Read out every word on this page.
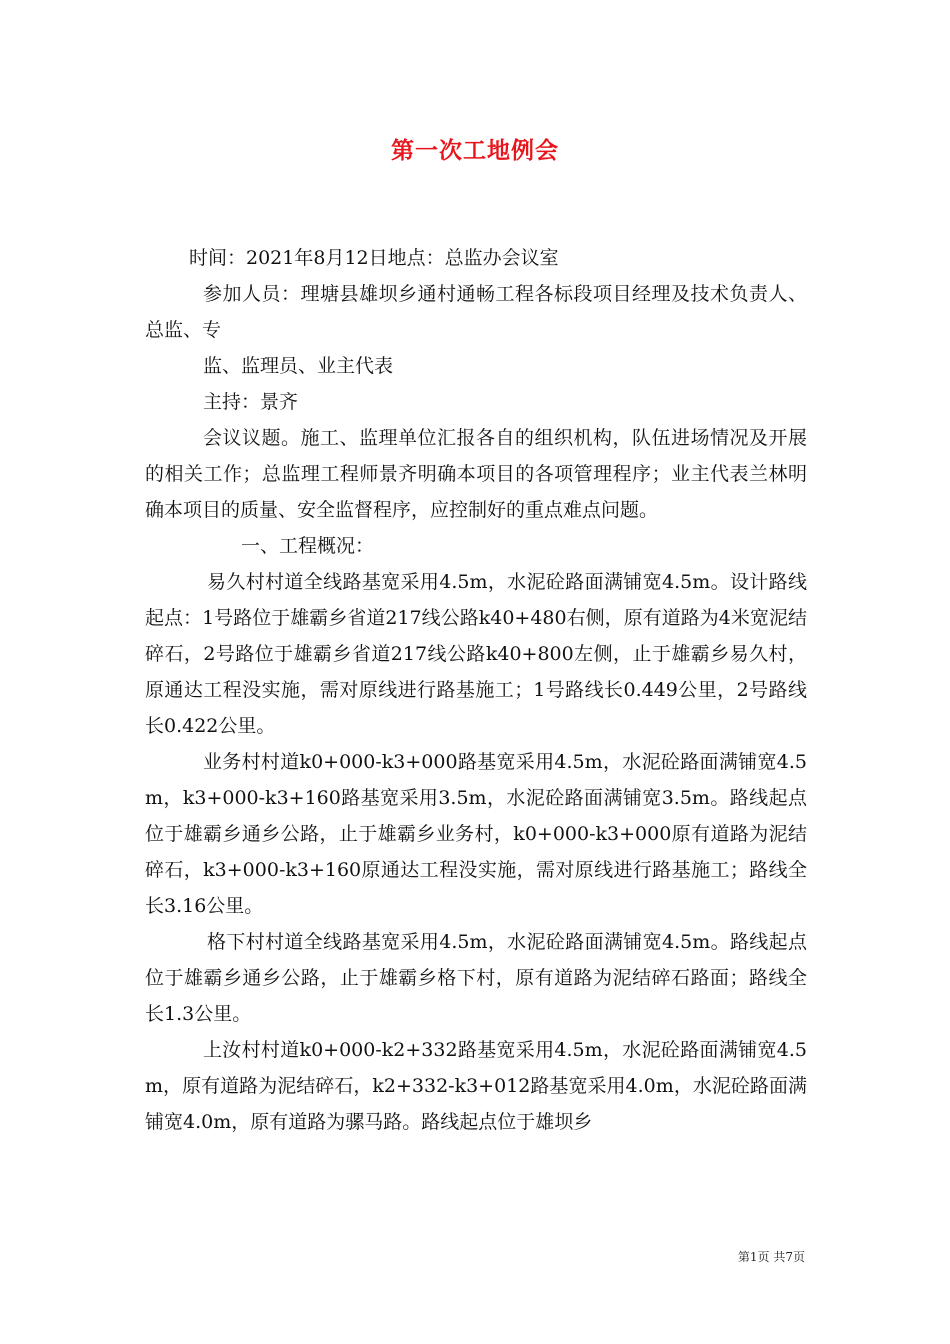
第一次工地例会

时间：2021年8月12日地点：总监办会议室

参加人员：理塘县雄坝乡通村通畅工程各标段项目经理及技术负责人、总监、专

监、监理员、业主代表

主持：景齐

会议议题。施工、监理单位汇报各自的组织机构，队伍进场情况及开展的相关工作；总监理工程师景齐明确本项目的各项管理程序；业主代表兰林明确本项目的质量、安全监督程序，应控制好的重点难点问题。

一、工程概况：

易久村村道全线路基宽采用4.5m，水泥砼路面满铺宽4.5m。设计路线起点：1号路位于雄霸乡省道217线公路k40+480右侧，原有道路为4米宽泥结碎石，2号路位于雄霸乡省道217线公路k40+800左侧，止于雄霸乡易久村，原通达工程没实施，需对原线进行路基施工；1号路线长0.449公里，2号路线长0.422公里。

业务村村道k0+000-k3+000路基宽采用4.5m，水泥砼路面满铺宽4.5m，k3+000-k3+160路基宽采用3.5m，水泥砼路面满铺宽3.5m。路线起点位于雄霸乡通乡公路，止于雄霸乡业务村，k0+000-k3+000原有道路为泥结碎石，k3+000-k3+160原通达工程没实施，需对原线进行路基施工；路线全长3.16公里。

格下村村道全线路基宽采用4.5m，水泥砼路面满铺宽4.5m。路线起点位于雄霸乡通乡公路，止于雄霸乡格下村，原有道路为泥结碎石路面；路线全长1.3公里。

上汝村村道k0+000-k2+332路基宽采用4.5m，水泥砼路面满铺宽4.5m，原有道路为泥结碎石，k2+332-k3+012路基宽采用4.0m，水泥砼路面满铺宽4.0m，原有道路为骡马路。路线起点位于雄坝乡

第1页 共7页
